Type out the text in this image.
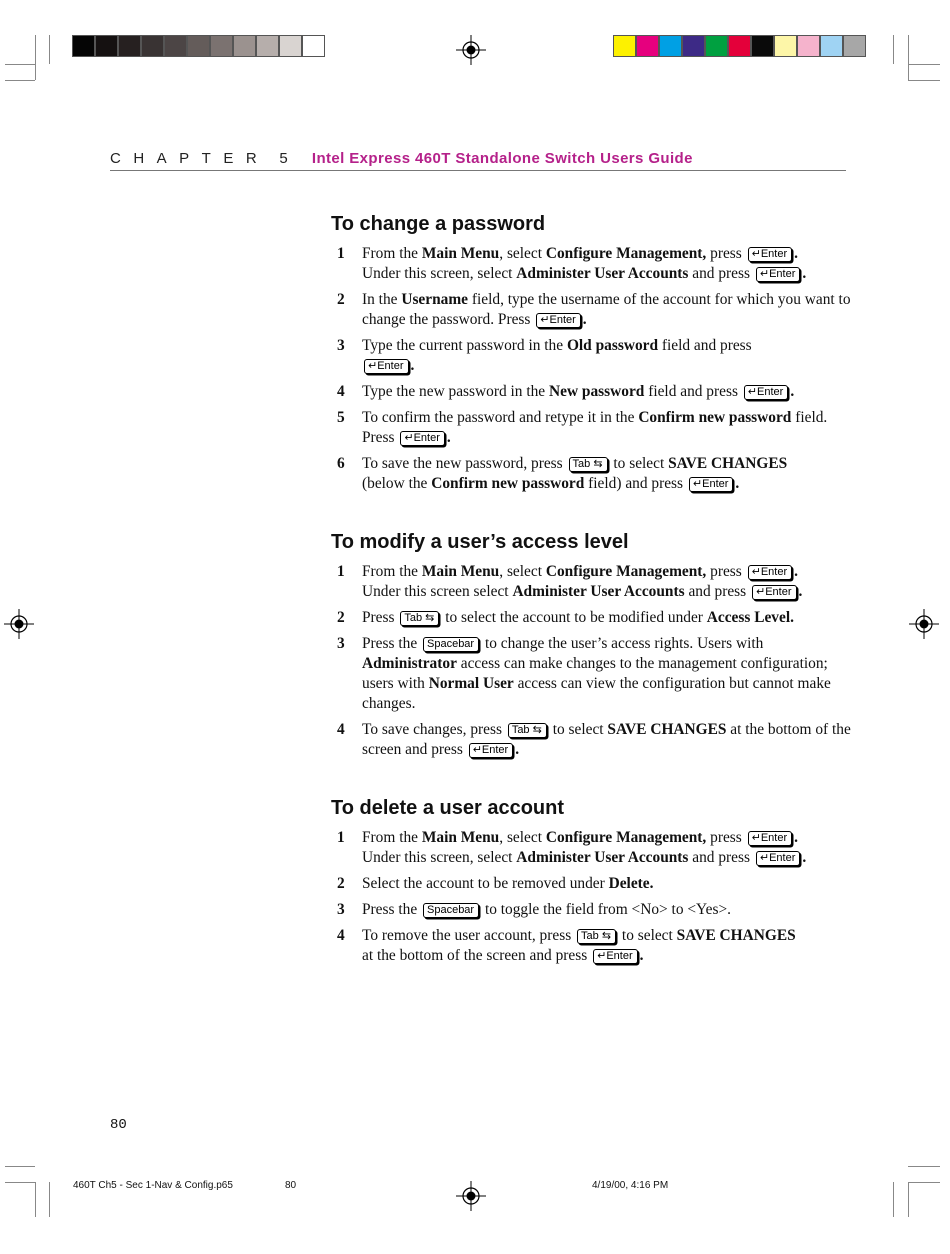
CHAPTER 5 Intel Express 460T Standalone Switch Users Guide
To change a password
1 From the Main Menu, select Configure Management, press ↵Enter .
Under this screen, select Administer User Accounts and press ↵Enter .
2 In the Username field, type the username of the account for which you want to change the password. Press ↵Enter .
3 Type the current password in the Old password field and press
↵Enter .
4 Type the new password in the New password field and press ↵Enter .
5 To confirm the password and retype it in the Confirm new password field. Press ↵Enter .
6 To save the new password, press Tab ⇆ to select SAVE CHANGES
(below the Confirm new password field) and press ↵Enter .
To modify a user’s access level
1 From the Main Menu, select Configure Management, press ↵Enter .
Under this screen select Administer User Accounts and press ↵Enter .
2 Press Tab ⇆ to select the account to be modified under Access Level.
3 Press the Spacebar to change the user’s access rights. Users with Administrator access can make changes to the management configuration; users with Normal User access can view the configuration but cannot make changes.
4 To save changes, press Tab ⇆ to select SAVE CHANGES at the bottom of the screen and press ↵Enter .
To delete a user account
1 From the Main Menu, select Configure Management, press ↵Enter .
Under this screen, select Administer User Accounts and press ↵Enter .
2 Select the account to be removed under Delete.
3 Press the Spacebar to toggle the field from <No> to <Yes>.
4 To remove the user account, press Tab ⇆ to select SAVE CHANGES
at the bottom of the screen and press ↵Enter .
80
460T Ch5 - Sec 1-Nav & Config.p65	80	4/19/00, 4:16 PM
